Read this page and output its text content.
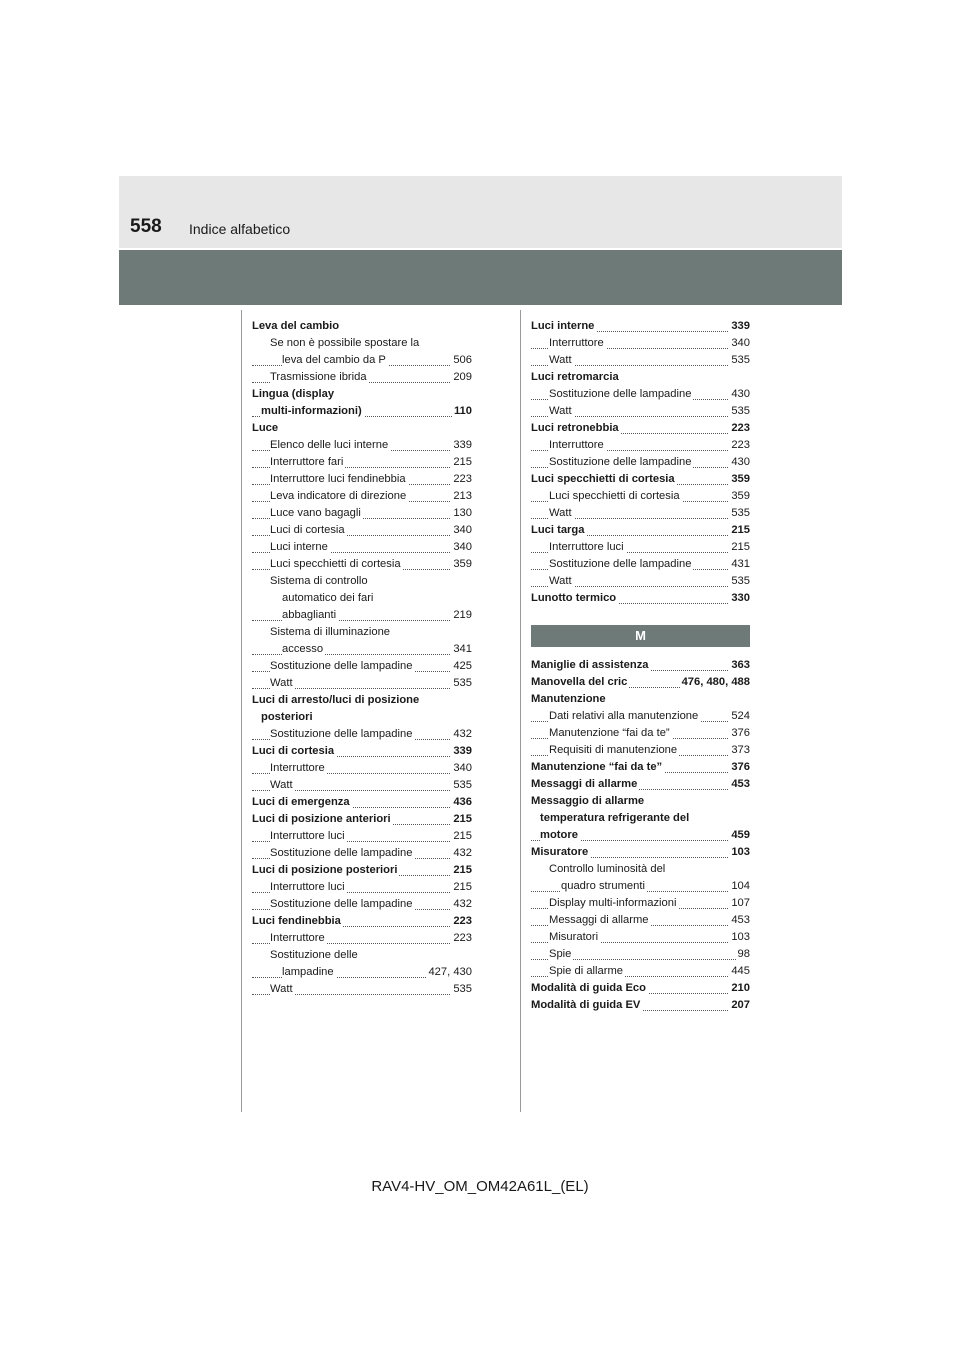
558 Indice alfabetico
Leva del cambio
Se non è possibile spostare la
leva del cambio da P	506
Trasmissione ibrida	209
Lingua (display
multi-informazioni)	110
Luce
Elenco delle luci interne	339
Interruttore fari	215
Interruttore luci fendinebbia	223
Leva indicatore di direzione	213
Luce vano bagagli	130
Luci di cortesia	340
Luci interne	340
Luci specchietti di cortesia	359
Sistema di controllo
automatico dei fari
abbaglianti	219
Sistema di illuminazione
accesso	341
Sostituzione delle lampadine	425
Watt	535
Luci di arresto/luci di posizione
posteriori
Sostituzione delle lampadine	432
Luci di cortesia	339
Interruttore	340
Watt	535
Luci di emergenza	436
Luci di posizione anteriori	215
Interruttore luci	215
Sostituzione delle lampadine	432
Luci di posizione posteriori	215
Interruttore luci	215
Sostituzione delle lampadine	432
Luci fendinebbia	223
Interruttore	223
Sostituzione delle
lampadine	427, 430
Watt	535
Luci interne	339
Interruttore	340
Watt	535
Luci retromarcia
Sostituzione delle lampadine	430
Watt	535
Luci retronebbia	223
Interruttore	223
Sostituzione delle lampadine	430
Luci specchietti di cortesia	359
Luci specchietti di cortesia	359
Watt	535
Luci targa	215
Interruttore luci	215
Sostituzione delle lampadine	431
Watt	535
Lunotto termico	330
M
Maniglie di assistenza	363
Manovella del cric	476, 480, 488
Manutenzione
Dati relativi alla manutenzione	524
Manutenzione “fai da te”	376
Requisiti di manutenzione	373
Manutenzione “fai da te”	376
Messaggi di allarme	453
Messaggio di allarme
temperatura refrigerante del
motore	459
Misuratore	103
Controllo luminosità del
quadro strumenti	104
Display multi-informazioni	107
Messaggi di allarme	453
Misuratori	103
Spie	98
Spie di allarme	445
Modalità di guida Eco	210
Modalità di guida EV	207
RAV4-HV_OM_OM42A61L_(EL)
